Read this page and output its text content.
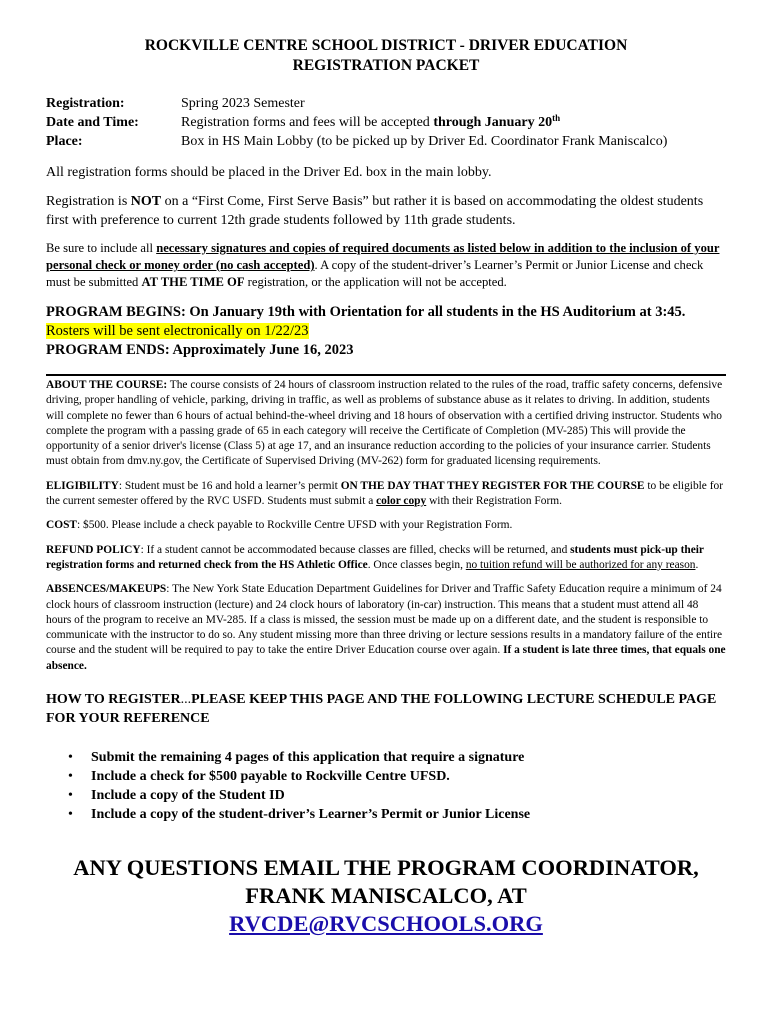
ROCKVILLE CENTRE SCHOOL DISTRICT - DRIVER EDUCATION
REGISTRATION PACKET
Registration:	Spring 2023 Semester
Date and Time:	Registration forms and fees will be accepted through January 20th
Place:	Box in HS Main Lobby (to be picked up by Driver Ed. Coordinator Frank Maniscalco)

All registration forms should be placed in the Driver Ed. box in the main lobby.

Registration is NOT on a “First Come, First Serve Basis” but rather it is based on accommodating the oldest students first with preference to current 12th grade students followed by 11th grade students.

Be sure to include all necessary signatures and copies of required documents as listed below in addition to the inclusion of your personal check or money order (no cash accepted). A copy of the student-driver’s Learner’s Permit or Junior License and check must be submitted AT THE TIME OF registration, or the application will not be accepted.

PROGRAM BEGINS: On January 19th with Orientation for all students in the HS Auditorium at 3:45.
Rosters will be sent electronically on 1/22/23
PROGRAM ENDS: Approximately June 16, 2023

ABOUT THE COURSE: The course consists of 24 hours of classroom instruction related to the rules of the road, traffic safety concerns, defensive driving, proper handling of vehicle, parking, driving in traffic, as well as problems of substance abuse as it relates to driving. In addition, students will complete no fewer than 6 hours of actual behind-the-wheel driving and 18 hours of observation with a certified driving instructor. Students who complete the program with a passing grade of 65 in each category will receive the Certificate of Completion (MV-285) This will provide the opportunity of a senior driver's license (Class 5) at age 17, and an insurance reduction according to the policies of your insurance carrier. Students must obtain from dmv.ny.gov, the Certificate of Supervised Driving (MV-262) form for graduated licensing requirements.

ELIGIBILITY: Student must be 16 and hold a learner’s permit ON THE DAY THAT THEY REGISTER FOR THE COURSE to be eligible for the current semester offered by the RVC USFD. Students must submit a color copy with their Registration Form.

COST: $500. Please include a check payable to Rockville Centre UFSD with your Registration Form.

REFUND POLICY: If a student cannot be accommodated because classes are filled, checks will be returned, and students must pick-up their registration forms and returned check from the HS Athletic Office. Once classes begin, no tuition refund will be authorized for any reason.

ABSENCES/MAKEUPS: The New York State Education Department Guidelines for Driver and Traffic Safety Education require a minimum of 24 clock hours of classroom instruction (lecture) and 24 clock hours of laboratory (in-car) instruction. This means that a student must attend all 48 hours of the program to receive an MV-285. If a class is missed, the session must be made up on a different date, and the student is responsible to communicate with the instructor to do so. Any student missing more than three driving or lecture sessions results in a mandatory failure of the entire course and the student will be required to pay to take the entire Driver Education course over again. If a student is late three times, that equals one absence.

HOW TO REGISTER...PLEASE KEEP THIS PAGE AND THE FOLLOWING LECTURE SCHEDULE PAGE FOR YOUR REFERENCE
• Submit the remaining 4 pages of this application that require a signature
• Include a check for $500 payable to Rockville Centre UFSD.
• Include a copy of the Student ID
• Include a copy of the student-driver’s Learner’s Permit or Junior License
ANY QUESTIONS EMAIL THE PROGRAM COORDINATOR,
FRANK MANISCALCO, AT
RVCDE@RVCSCHOOLS.ORG
